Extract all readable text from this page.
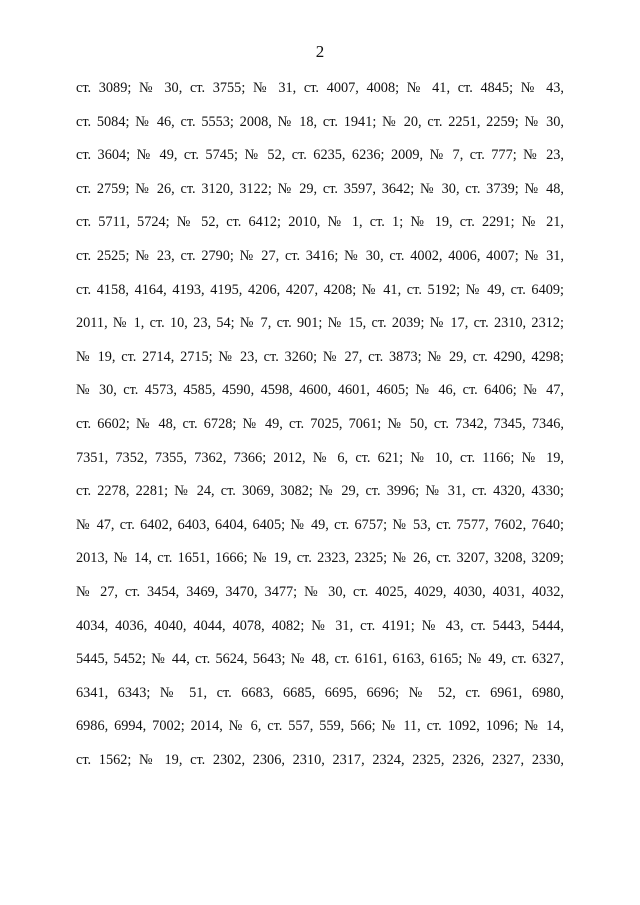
2
ст. 3089; № 30, ст. 3755; № 31, ст. 4007, 4008; № 41, ст. 4845; № 43,
ст. 5084; № 46, ст. 5553; 2008, № 18, ст. 1941; № 20, ст. 2251, 2259; № 30,
ст. 3604; № 49, ст. 5745; № 52, ст. 6235, 6236; 2009, № 7, ст. 777; № 23,
ст. 2759; № 26, ст. 3120, 3122; № 29, ст. 3597, 3642; № 30, ст. 3739; № 48,
ст. 5711, 5724; № 52, ст. 6412; 2010, № 1, ст. 1; № 19, ст. 2291; № 21,
ст. 2525; № 23, ст. 2790; № 27, ст. 3416; № 30, ст. 4002, 4006, 4007; № 31,
ст. 4158, 4164, 4193, 4195, 4206, 4207, 4208; № 41, ст. 5192; № 49, ст. 6409;
2011, № 1, ст. 10, 23, 54; № 7, ст. 901; № 15, ст. 2039; № 17, ст. 2310, 2312;
№ 19, ст. 2714, 2715; № 23, ст. 3260; № 27, ст. 3873; № 29, ст. 4290, 4298;
№ 30, ст. 4573, 4585, 4590, 4598, 4600, 4601, 4605; № 46, ст. 6406; № 47,
ст. 6602; № 48, ст. 6728; № 49, ст. 7025, 7061; № 50, ст. 7342, 7345, 7346,
7351, 7352, 7355, 7362, 7366; 2012, № 6, ст. 621; № 10, ст. 1166; № 19,
ст. 2278, 2281; № 24, ст. 3069, 3082; № 29, ст. 3996; № 31, ст. 4320, 4330;
№ 47, ст. 6402, 6403, 6404, 6405; № 49, ст. 6757; № 53, ст. 7577, 7602, 7640;
2013, № 14, ст. 1651, 1666; № 19, ст. 2323, 2325; № 26, ст. 3207, 3208, 3209;
№ 27, ст. 3454, 3469, 3470, 3477; № 30, ст. 4025, 4029, 4030, 4031, 4032,
4034, 4036, 4040, 4044, 4078, 4082; № 31, ст. 4191; № 43, ст. 5443, 5444,
5445, 5452; № 44, ст. 5624, 5643; № 48, ст. 6161, 6163, 6165; № 49, ст. 6327,
6341, 6343; № 51, ст. 6683, 6685, 6695, 6696; № 52, ст. 6961, 6980,
6986, 6994, 7002; 2014, № 6, ст. 557, 559, 566; № 11, ст. 1092, 1096; № 14,
ст. 1562; № 19, ст. 2302, 2306, 2310, 2317, 2324, 2325, 2326, 2327, 2330,
